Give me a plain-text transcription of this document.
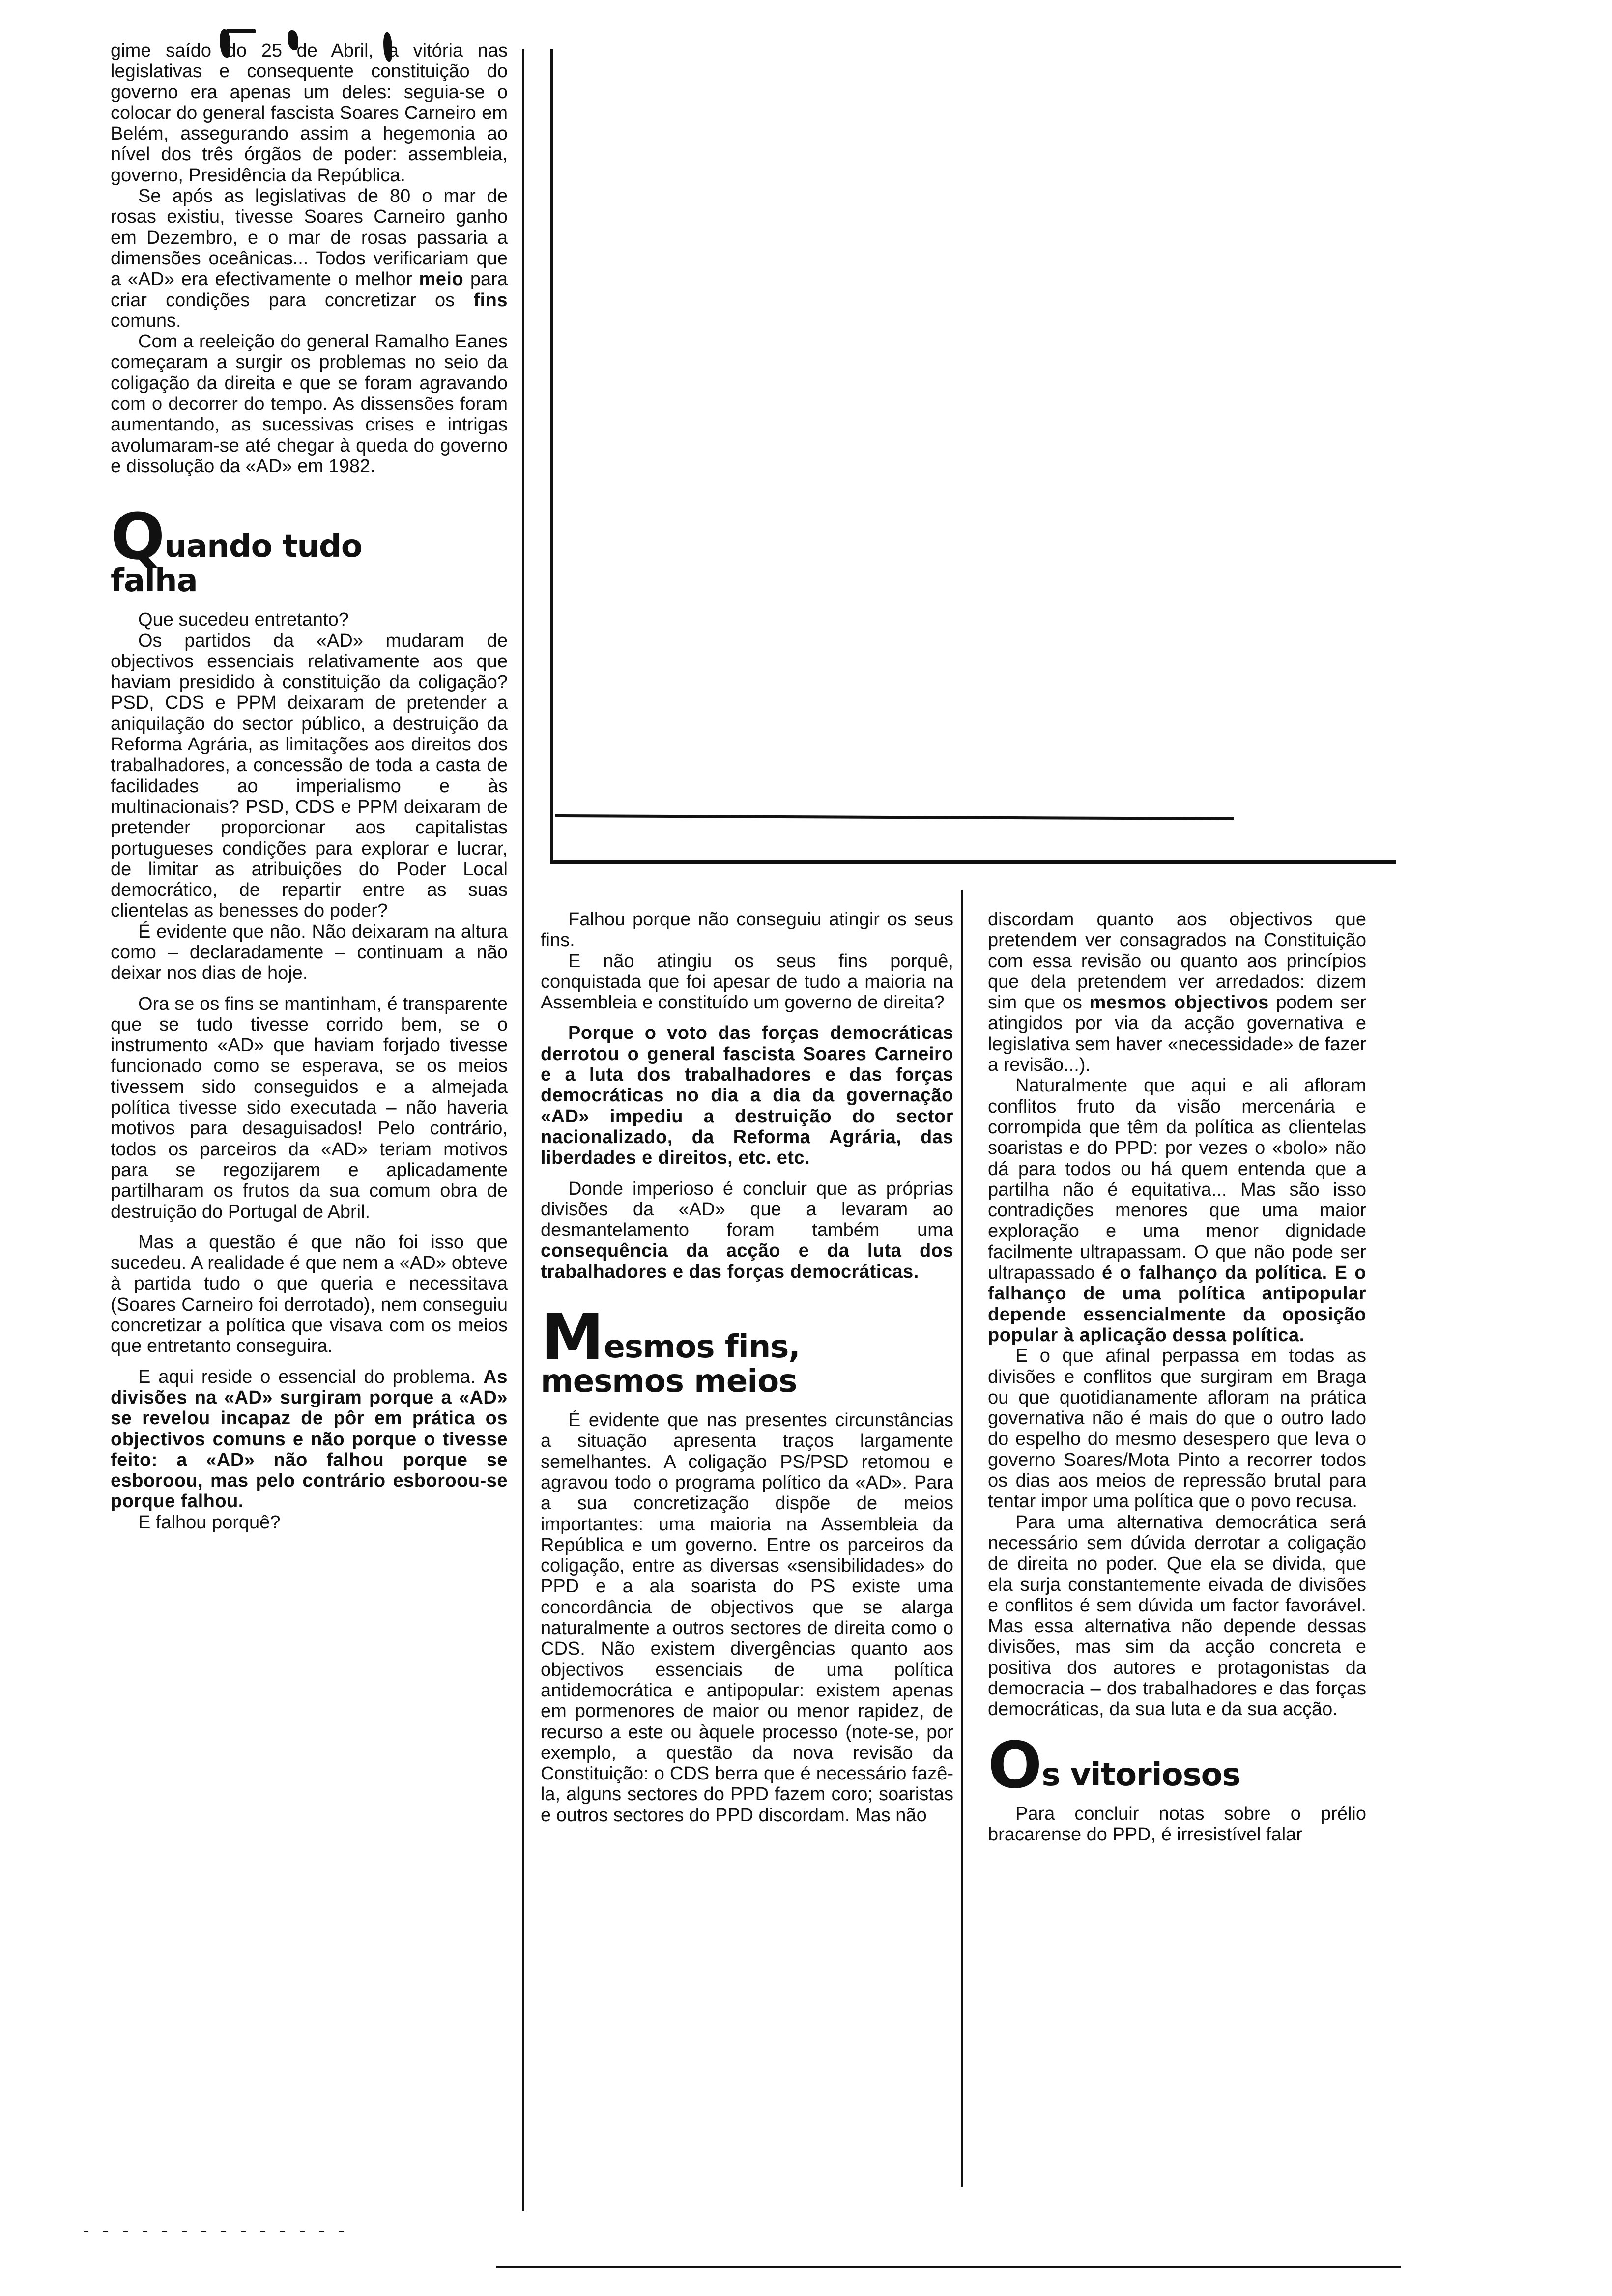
gime saído do 25 de Abril, a vitória nas legislativas e consequente constituição do governo era apenas um deles: seguia-se o colocar do general fascista Soares Carneiro em Belém, assegurando assim a hegemonia ao nível dos três órgãos de poder: assembleia, governo, Presidência da República.

Se após as legislativas de 80 o mar de rosas existiu, tivesse Soares Carneiro ganho em Dezembro, e o mar de rosas passaria a dimensões oceânicas... Todos verificariam que a «AD» era efectivamente o melhor meio para criar condições para concretizar os fins comuns.

Com a reeleição do general Ramalho Eanes começaram a surgir os problemas no seio da coligação da direita e que se foram agravando com o decorrer do tempo. As dissensões foram aumentando, as sucessivas crises e intrigas avolumaram-se até chegar à queda do governo e dissolução da «AD» em 1982.

Quando tudo
falha

Que sucedeu entretanto?

Os partidos da «AD» mudaram de objectivos essenciais relativamente aos que haviam presidido à constituição da coligação? PSD, CDS e PPM deixaram de pretender a aniquilação do sector público, a destruição da Reforma Agrária, as limitações aos direitos dos trabalhadores, a concessão de toda a casta de facilidades ao imperialismo e às multinacionais? PSD, CDS e PPM deixaram de pretender proporcionar aos capitalistas portugueses condições para explorar e lucrar, de limitar as atribuições do Poder Local democrático, de repartir entre as suas clientelas as benesses do poder?

É evidente que não. Não deixaram na altura como – declaradamente – continuam a não deixar nos dias de hoje.

Ora se os fins se mantinham, é transparente que se tudo tivesse corrido bem, se o instrumento «AD» que haviam forjado tivesse funcionado como se esperava, se os meios tivessem sido conseguidos e a almejada política tivesse sido executada – não haveria motivos para desaguisados! Pelo contrário, todos os parceiros da «AD» teriam motivos para se regozijarem e aplicadamente partilharam os frutos da sua comum obra de destruição do Portugal de Abril.

Mas a questão é que não foi isso que sucedeu. A realidade é que nem a «AD» obteve à partida tudo o que queria e necessitava (Soares Carneiro foi derrotado), nem conseguiu concretizar a política que visava com os meios que entretanto conseguira.

E aqui reside o essencial do problema. As divisões na «AD» surgiram porque a «AD» se revelou incapaz de pôr em prática os objectivos comuns e não porque o tivesse feito: a «AD» não falhou porque se esboroou, mas pelo contrário esboroou-se porque falhou.

E falhou porquê?

Falhou porque não conseguiu atingir os seus fins.

E não atingiu os seus fins porquê, conquistada que foi apesar de tudo a maioria na Assembleia e constituído um governo de direita?

Porque o voto das forças democráticas derrotou o general fascista Soares Carneiro e a luta dos trabalhadores e das forças democráticas no dia a dia da governação «AD» impediu a destruição do sector nacionalizado, da Reforma Agrária, das liberdades e direitos, etc. etc.

Donde imperioso é concluir que as próprias divisões da «AD» que a levaram ao desmantelamento foram também uma consequência da acção e da luta dos trabalhadores e das forças democráticas.

Mesmos fins,
mesmos meios

É evidente que nas presentes circunstâncias a situação apresenta traços largamente semelhantes. A coligação PS/PSD retomou e agravou todo o programa político da «AD». Para a sua concretização dispõe de meios importantes: uma maioria na Assembleia da República e um governo. Entre os parceiros da coligação, entre as diversas «sensibilidades» do PPD e a ala soarista do PS existe uma concordância de objectivos que se alarga naturalmente a outros sectores de direita como o CDS. Não existem divergências quanto aos objectivos essenciais de uma política antidemocrática e antipopular: existem apenas em pormenores de maior ou menor rapidez, de recurso a este ou àquele processo (note-se, por exemplo, a questão da nova revisão da Constituição: o CDS berra que é necessário fazê-la, alguns sectores do PPD fazem coro; soaristas e outros sectores do PPD discordam. Mas não

discordam quanto aos objectivos que pretendem ver consagrados na Constituição com essa revisão ou quanto aos princípios que dela pretendem ver arredados: dizem sim que os mesmos objectivos podem ser atingidos por via da acção governativa e legislativa sem haver «necessidade» de fazer a revisão...).

Naturalmente que aqui e ali afloram conflitos fruto da visão mercenária e corrompida que têm da política as clientelas soaristas e do PPD: por vezes o «bolo» não dá para todos ou há quem entenda que a partilha não é equitativa... Mas são isso contradições menores que uma maior exploração e uma menor dignidade facilmente ultrapassam. O que não pode ser ultrapassado é o falhanço da política. E o falhanço de uma política antipopular depende essencialmente da oposição popular à aplicação dessa política.

E o que afinal perpassa em todas as divisões e conflitos que surgiram em Braga ou que quotidianamente afloram na prática governativa não é mais do que o outro lado do espelho do mesmo desespero que leva o governo Soares/Mota Pinto a recorrer todos os dias aos meios de repressão brutal para tentar impor uma política que o povo recusa.

Para uma alternativa democrática será necessário sem dúvida derrotar a coligação de direita no poder. Que ela se divida, que ela surja constantemente eivada de divisões e conflitos é sem dúvida um factor favorável. Mas essa alternativa não depende dessas divisões, mas sim da acção concreta e positiva dos autores e protagonistas da democracia – dos trabalhadores e das forças democráticas, da sua luta e da sua acção.

Os vitoriosos

Para concluir notas sobre o prélio bracarense do PPD, é irresistível falar
